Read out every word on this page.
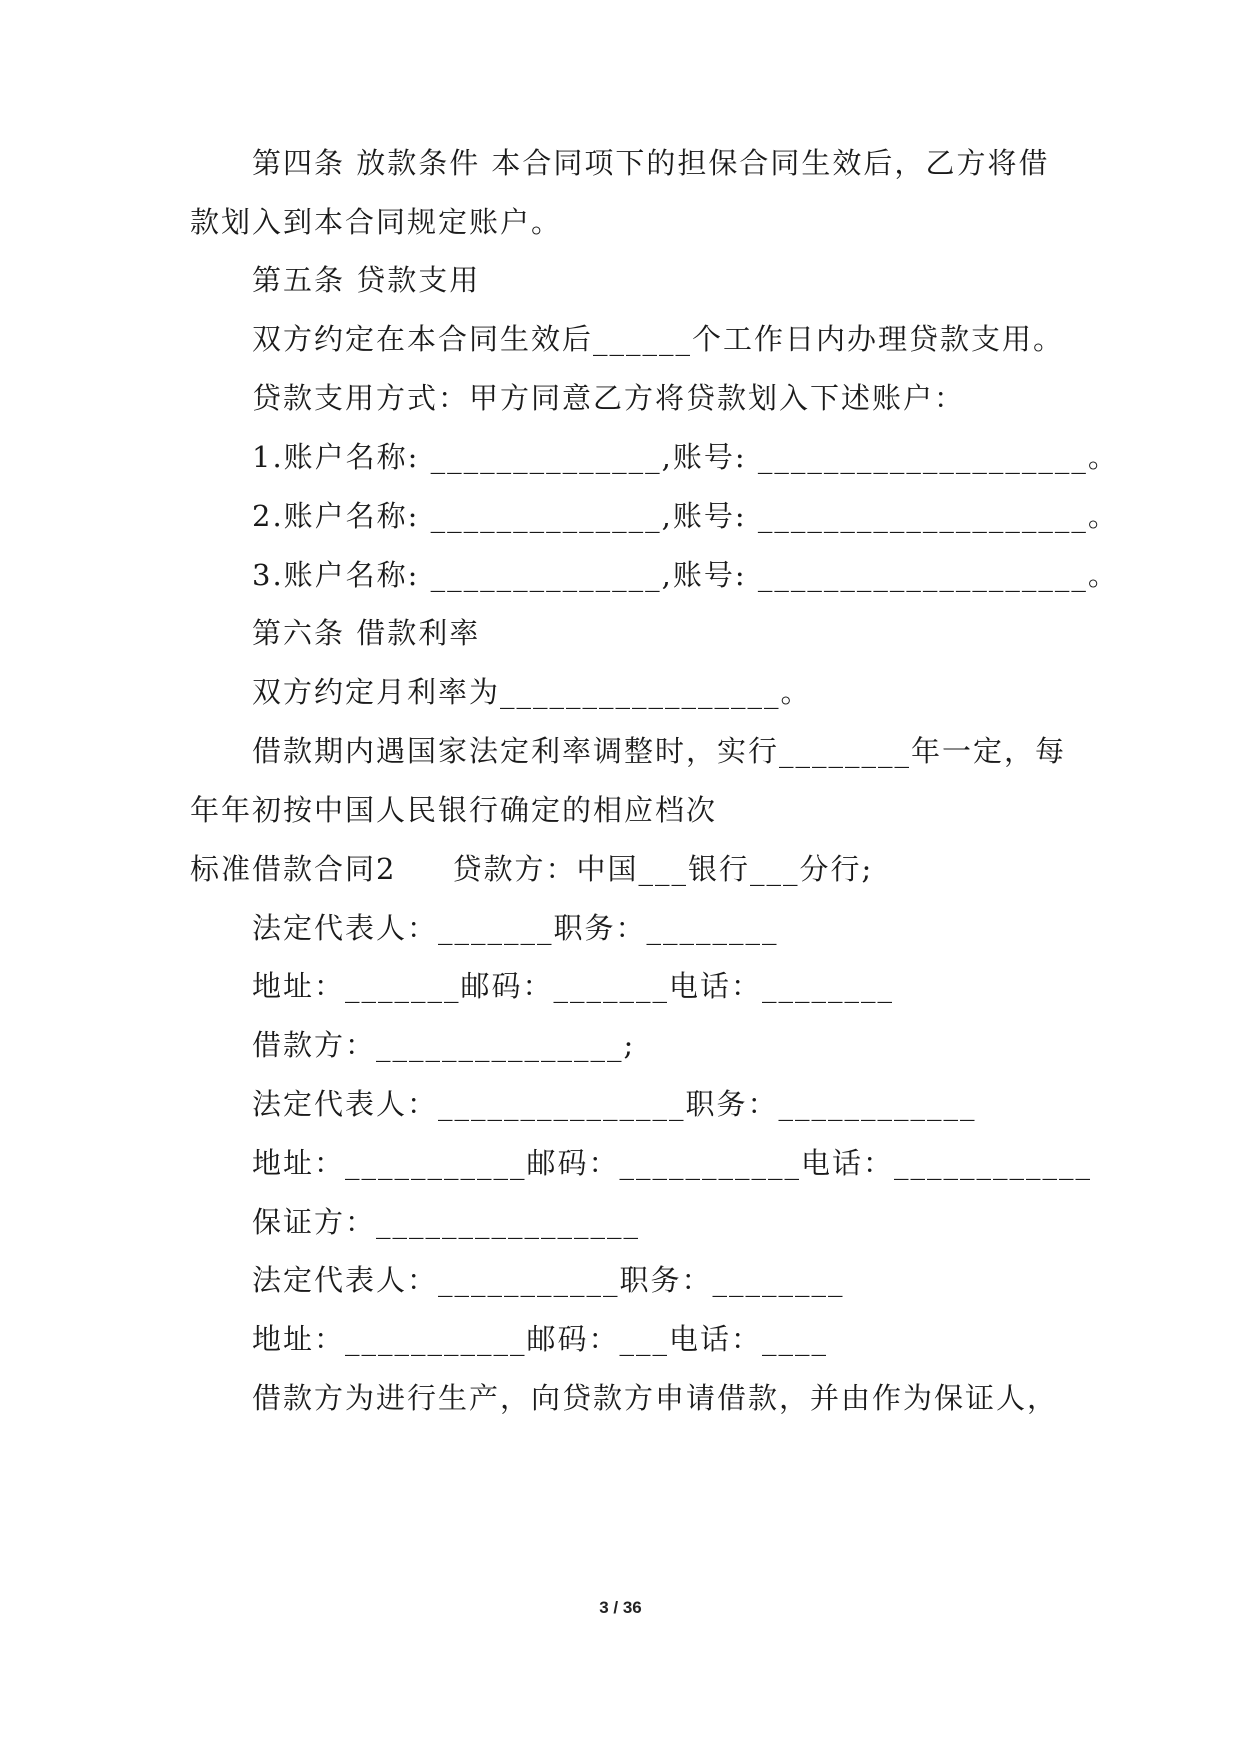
第四条 放款条件 本合同项下的担保合同生效后，乙方将借
款划入到本合同规定账户。
第五条 贷款支用
双方约定在本合同生效后______个工作日内办理贷款支用。
贷款支用方式：甲方同意乙方将贷款划入下述账户：
1.账户名称: ______________,账号: ____________________。
2.账户名称: ______________,账号: ____________________。
3.账户名称: ______________,账号: ____________________。
第六条 借款利率
双方约定月利率为_________________。
借款期内遇国家法定利率调整时，实行________年一定，每
年年初按中国人民银行确定的相应档次
标准借款合同2     贷款方：中国___银行___分行;
法定代表人：_______职务：________
地址：_______邮码：_______电话：________
借款方：_______________;
法定代表人：_______________职务：____________
地址：___________邮码：___________电话：____________
保证方：________________
法定代表人：___________职务：________
地址：___________邮码：___电话：____
借款方为进行生产，向贷款方申请借款，并由作为保证人，
3 / 36
